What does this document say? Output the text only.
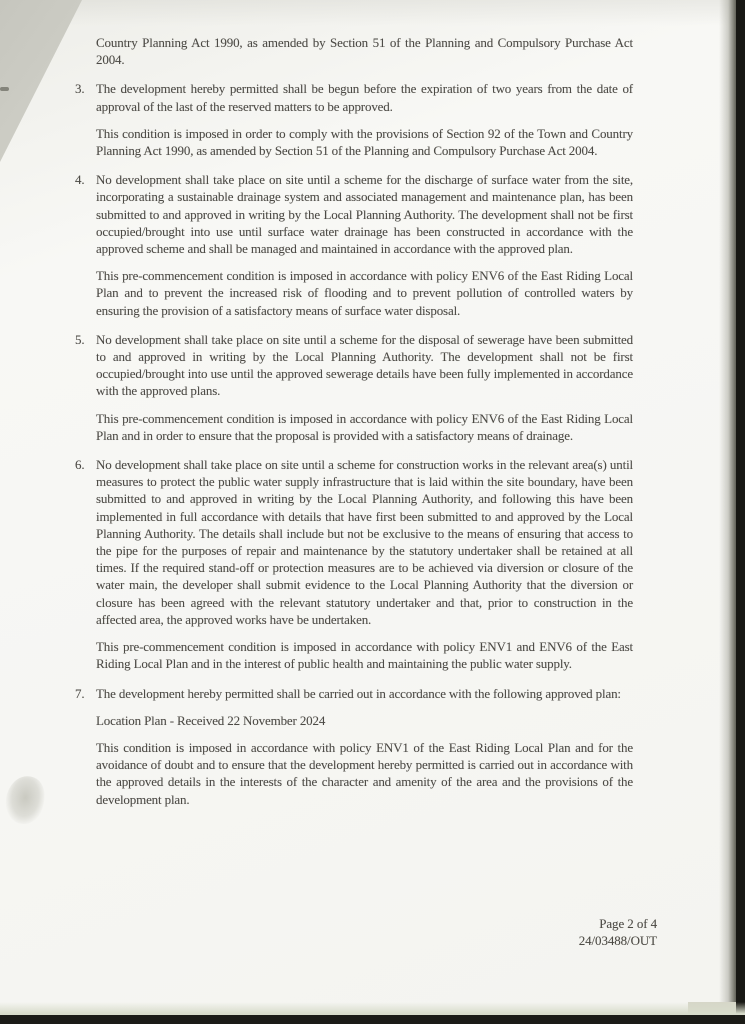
Country Planning Act 1990, as amended by Section 51 of the Planning and Compulsory Purchase Act 2004.

3. The development hereby permitted shall be begun before the expiration of two years from the date of approval of the last of the reserved matters to be approved.

This condition is imposed in order to comply with the provisions of Section 92 of the Town and Country Planning Act 1990, as amended by Section 51 of the Planning and Compulsory Purchase Act 2004.

4. No development shall take place on site until a scheme for the discharge of surface water from the site, incorporating a sustainable drainage system and associated management and maintenance plan, has been submitted to and approved in writing by the Local Planning Authority. The development shall not be first occupied/brought into use until surface water drainage has been constructed in accordance with the approved scheme and shall be managed and maintained in accordance with the approved plan.

This pre-commencement condition is imposed in accordance with policy ENV6 of the East Riding Local Plan and to prevent the increased risk of flooding and to prevent pollution of controlled waters by ensuring the provision of a satisfactory means of surface water disposal.

5. No development shall take place on site until a scheme for the disposal of sewerage have been submitted to and approved in writing by the Local Planning Authority. The development shall not be first occupied/brought into use until the approved sewerage details have been fully implemented in accordance with the approved plans.

This pre-commencement condition is imposed in accordance with policy ENV6 of the East Riding Local Plan and in order to ensure that the proposal is provided with a satisfactory means of drainage.

6. No development shall take place on site until a scheme for construction works in the relevant area(s) until measures to protect the public water supply infrastructure that is laid within the site boundary, have been submitted to and approved in writing by the Local Planning Authority, and following this have been implemented in full accordance with details that have first been submitted to and approved by the Local Planning Authority. The details shall include but not be exclusive to the means of ensuring that access to the pipe for the purposes of repair and maintenance by the statutory undertaker shall be retained at all times. If the required stand-off or protection measures are to be achieved via diversion or closure of the water main, the developer shall submit evidence to the Local Planning Authority that the diversion or closure has been agreed with the relevant statutory undertaker and that, prior to construction in the affected area, the approved works have be undertaken.

This pre-commencement condition is imposed in accordance with policy ENV1 and ENV6 of the East Riding Local Plan and in the interest of public health and maintaining the public water supply.

7. The development hereby permitted shall be carried out in accordance with the following approved plan:

Location Plan - Received 22 November 2024

This condition is imposed in accordance with policy ENV1 of the East Riding Local Plan and for the avoidance of doubt and to ensure that the development hereby permitted is carried out in accordance with the approved details in the interests of the character and amenity of the area and the provisions of the development plan.

Page 2 of 4
24/03488/OUT
